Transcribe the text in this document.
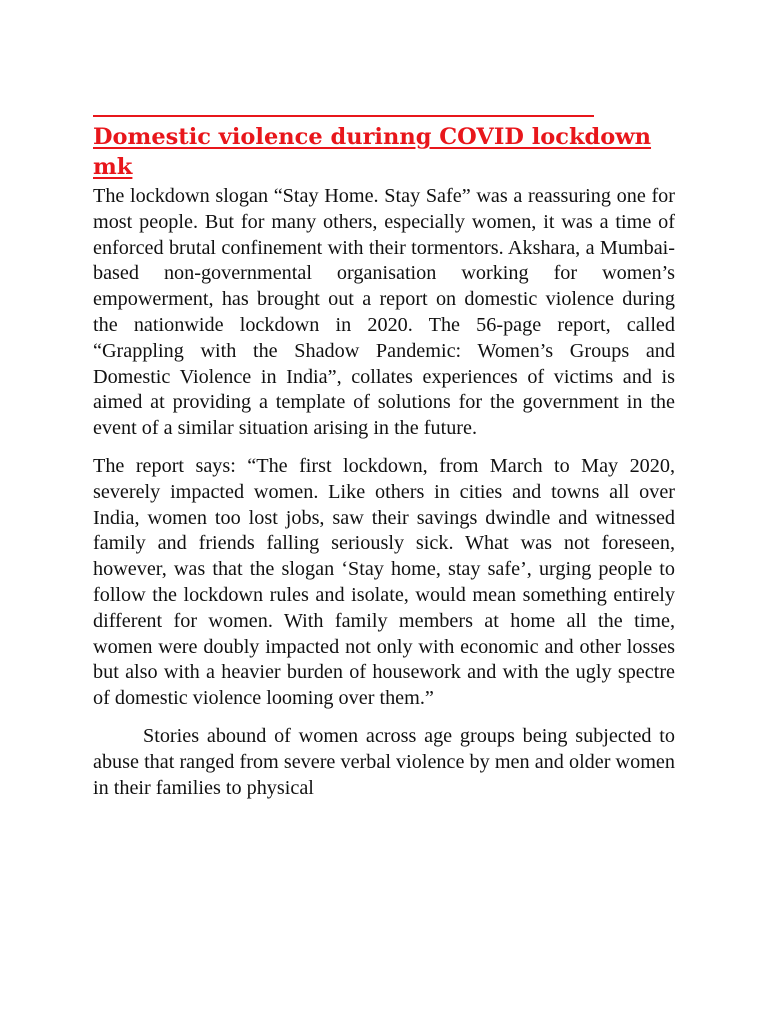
Domestic violence durinng COVID lockdown mk

The lockdown slogan “Stay Home. Stay Safe” was a reassuring one for most people. But for many others, especially women, it was a time of enforced brutal confinement with their tormentors. Akshara, a Mumbai-based non-governmental organisation working for women’s empowerment, has brought out a report on domestic violence during the nationwide lockdown in 2020. The 56-page report, called “Grappling with the Shadow Pandemic: Women’s Groups and Domestic Violence in India”, collates experiences of victims and is aimed at providing a template of solutions for the government in the event of a similar situation arising in the future.

The report says: “The first lockdown, from March to May 2020, severely impacted women. Like others in cities and towns all over India, women too lost jobs, saw their savings dwindle and witnessed family and friends falling seriously sick. What was not foreseen, however, was that the slogan ‘Stay home, stay safe’, urging people to follow the lockdown rules and isolate, would mean something entirely different for women. With family members at home all the time, women were doubly impacted not only with economic and other losses but also with a heavier burden of housework and with the ugly spectre of domestic violence looming over them.”

Stories abound of women across age groups being subjected to abuse that ranged from severe verbal violence by men and older women in their families to physical
